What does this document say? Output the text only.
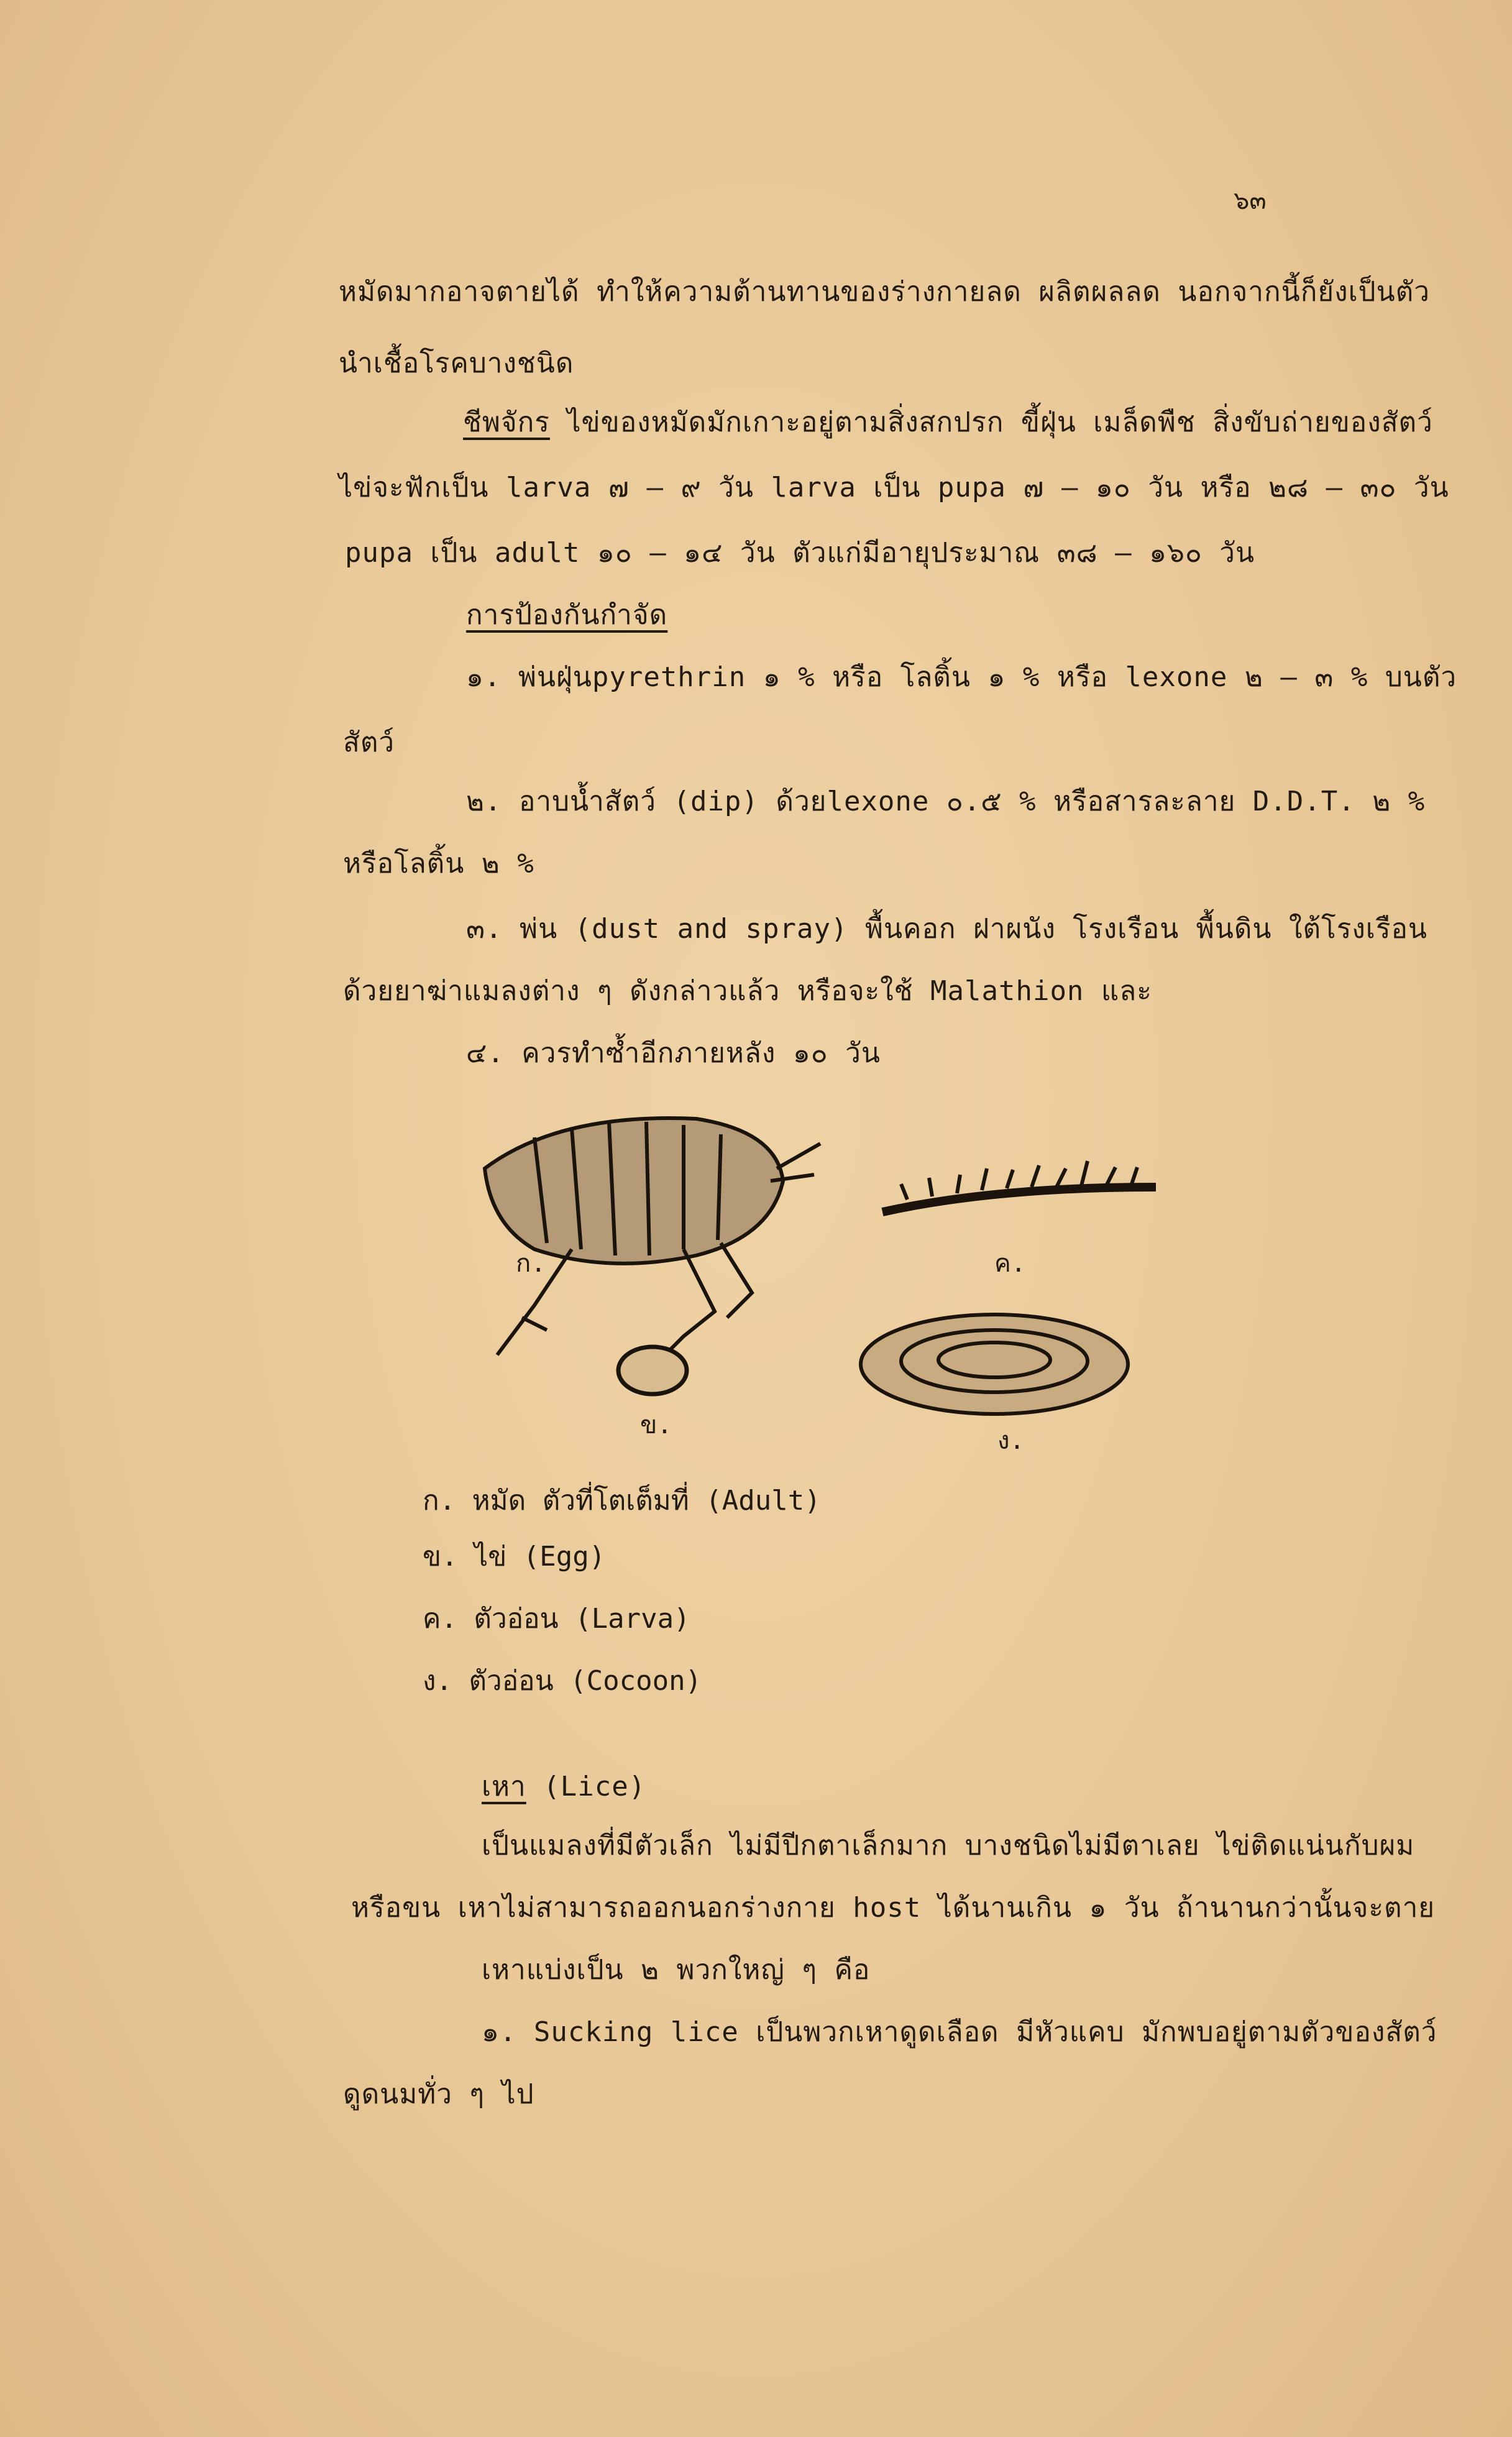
๖๓
หมัดมากอาจตายได้ ทำให้ความต้านทานของร่างกายลด ผลิตผลลด นอกจากนี้ก็ยังเป็นตัว
นำเชื้อโรคบางชนิด
ชีพจักร ไข่ของหมัดมักเกาะอยู่ตามสิ่งสกปรก ขี้ฝุ่น เมล็ดพืช สิ่งขับถ่ายของสัตว์
ไข่จะฟักเป็น larva ๗ – ๙ วัน larva เป็น pupa ๗ – ๑๐ วัน หรือ ๒๘ – ๓๐ วัน
pupa เป็น adult ๑๐ – ๑๔ วัน ตัวแก่มีอายุประมาณ ๓๘ – ๑๖๐ วัน
การป้องกันกำจัด
๑. พ่นฝุ่นpyrethrin ๑ % หรือ โลติ้น ๑ % หรือ lexone ๒ – ๓ % บนตัว
สัตว์
๒. อาบน้ำสัตว์ (dip) ด้วยlexone ๐.๕ % หรือสารละลาย D.D.T. ๒ %
หรือโลติ้น ๒ %
๓. พ่น (dust and spray) พื้นคอก ฝาผนัง โรงเรือน พื้นดิน ใต้โรงเรือน
ด้วยยาฆ่าแมลงต่าง ๆ ดังกล่าวแล้ว หรือจะใช้ Malathion และ
๔. ควรทำซ้ำอีกภายหลัง ๑๐ วัน
ก.
ข.
ค.
ง.
ก. หมัด ตัวที่โตเต็มที่ (Adult)
ข. ไข่ (Egg)
ค. ตัวอ่อน (Larva)
ง. ตัวอ่อน (Cocoon)
เหา (Lice)
เป็นแมลงที่มีตัวเล็ก ไม่มีปีกตาเล็กมาก บางชนิดไม่มีตาเลย ไข่ติดแน่นกับผม
หรือขน เหาไม่สามารถออกนอกร่างกาย host ได้นานเกิน ๑ วัน ถ้านานกว่านั้นจะตาย
เหาแบ่งเป็น ๒ พวกใหญ่ ๆ คือ
๑. Sucking lice เป็นพวกเหาดูดเลือด มีหัวแคบ มักพบอยู่ตามตัวของสัตว์
ดูดนมทั่ว ๆ ไป
